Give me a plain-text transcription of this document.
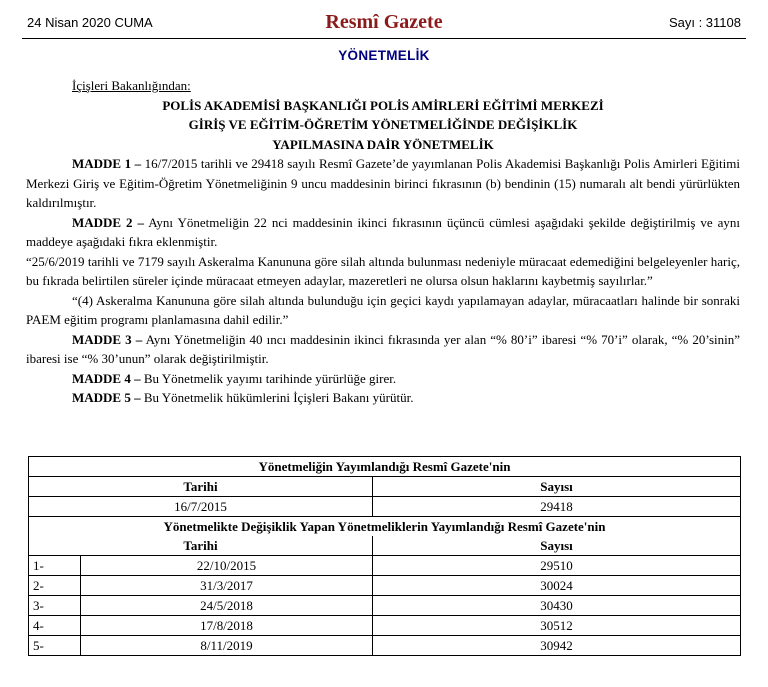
24 Nisan 2020 CUMA	Resmî Gazete	Sayı : 31108
YÖNETMELİK
İçişleri Bakanlığından:
POLİS AKADEMİSİ BAŞKANLIĞI POLİS AMİRLERİ EĞİTİMİ MERKEZİ
GİRİŞ VE EĞİTİM-ÖĞRETİM YÖNETMELİĞİNDE DEĞİŞİKLİK
YAPILMASINA DAİR YÖNETMELİK

MADDE 1 – 16/7/2015 tarihli ve 29418 sayılı Resmî Gazete’de yayımlanan Polis Akademisi Başkanlığı Polis Amirleri Eğitimi Merkezi Giriş ve Eğitim-Öğretim Yönetmeliğinin 9 uncu maddesinin birinci fıkrasının (b) bendinin (15) numaralı alt bendi yürürlükten kaldırılmıştır.

MADDE 2 – Aynı Yönetmeliğin 22 nci maddesinin ikinci fıkrasının üçüncü cümlesi aşağıdaki şekilde değiştirilmiş ve aynı maddeye aşağıdaki fıkra eklenmiştir.

“25/6/2019 tarihli ve 7179 sayılı Askeralma Kanununa göre silah altında bulunması nedeniyle müracaat edemediğini belgeleyenler hariç, bu fıkrada belirtilen süreler içinde müracaat etmeyen adaylar, mazeretleri ne olursa olsun haklarını kaybetmiş sayılırlar.”

“(4) Askeralma Kanununa göre silah altında bulunduğu için geçici kaydı yapılamayan adaylar, müracaatları halinde bir sonraki PAEM eğitim programı planlamasına dahil edilir.”

MADDE 3 – Aynı Yönetmeliğin 40 ıncı maddesinin ikinci fıkrasında yer alan “% 80’i” ibaresi “% 70’i” olarak, “% 20’sinin” ibaresi ise “% 30’unun” olarak değiştirilmiştir.

MADDE 4 – Bu Yönetmelik yayımı tarihinde yürürlüğe girer.

MADDE 5 – Bu Yönetmelik hükümlerini İçişleri Bakanı yürütür.

Yönetmeliğin Yayımlandığı Resmî Gazete'nin		
Tarihi		Sayısı
16/7/2015		29418
Yönetmelikte Değişiklik Yapan Yönetmeliklerin Yayımlandığı Resmî Gazete'nin		
Tarihi		Sayısı
1-	22/10/2015	29510
2-	31/3/2017	30024
3-	24/5/2018	30430
4-	17/8/2018	30512
5-	8/11/2019	30942
